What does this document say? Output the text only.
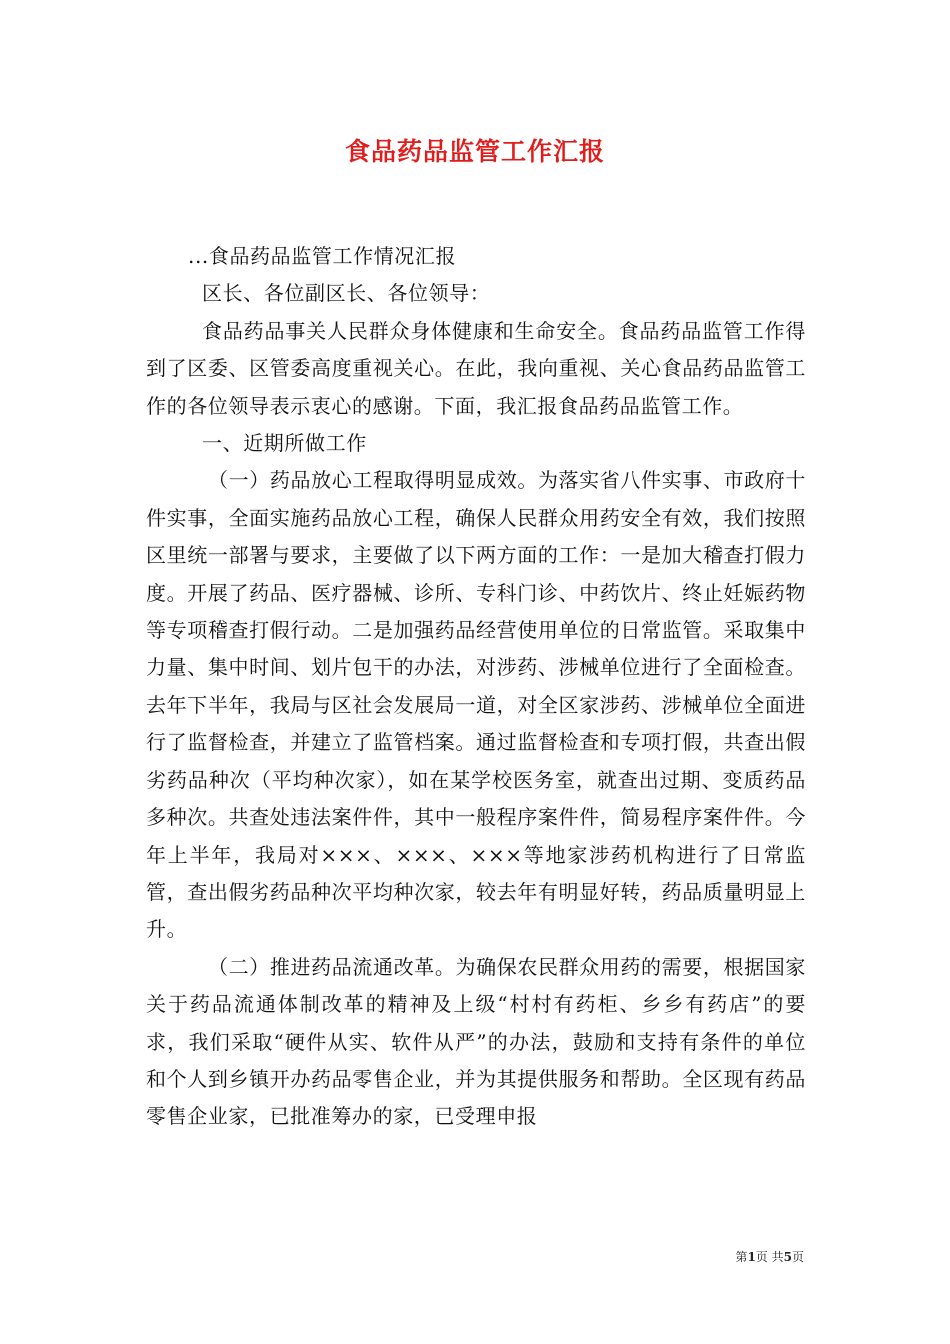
食品药品监管工作汇报

...食品药品监管工作情况汇报

区长、各位副区长、各位领导：

食品药品事关人民群众身体健康和生命安全。食品药品监管工作得到了区委、区管委高度重视关心。在此，我向重视、关心食品药品监管工作的各位领导表示衷心的感谢。下面，我汇报食品药品监管工作。

一、近期所做工作

（一）药品放心工程取得明显成效。为落实省八件实事、市政府十件实事，全面实施药品放心工程，确保人民群众用药安全有效，我们按照区里统一部署与要求，主要做了以下两方面的工作：一是加大稽查打假力度。开展了药品、医疗器械、诊所、专科门诊、中药饮片、终止妊娠药物等专项稽查打假行动。二是加强药品经营使用单位的日常监管。采取集中力量、集中时间、划片包干的办法，对涉药、涉械单位进行了全面检查。去年下半年，我局与区社会发展局一道，对全区家涉药、涉械单位全面进行了监督检查，并建立了监管档案。通过监督检查和专项打假，共查出假劣药品种次（平均种次家），如在某学校医务室，就查出过期、变质药品多种次。共查处违法案件件，其中一般程序案件件，简易程序案件件。今年上半年，我局对×××、×××、×××等地家涉药机构进行了日常监管，查出假劣药品种次平均种次家，较去年有明显好转，药品质量明显上升。

（二）推进药品流通改革。为确保农民群众用药的需要，根据国家关于药品流通体制改革的精神及上级“村村有药柜、乡乡有药店”的要求，我们采取“硬件从实、软件从严”的办法，鼓励和支持有条件的单位和个人到乡镇开办药品零售企业，并为其提供服务和帮助。全区现有药品零售企业家，已批准筹办的家，已受理申报

第1页 共5页
